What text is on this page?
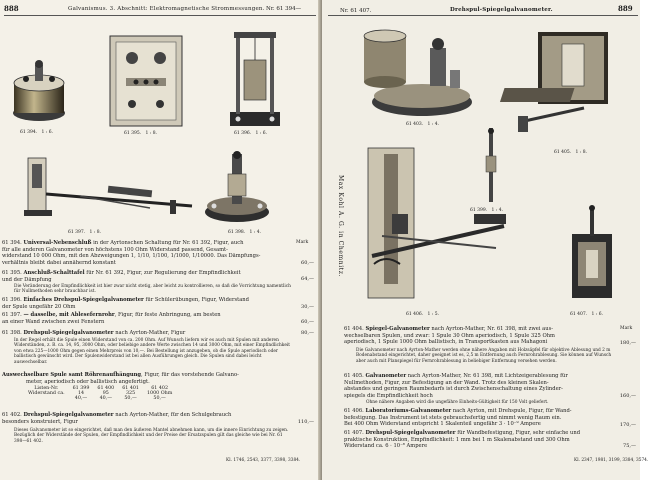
888	Galvanismus. 3. Abschnitt: Elektromagnetische Strommessungen. Nr. 61 394—
61 394. 1 : 6.	61 395. 1 : 8.	61 396. 1 : 6.
61 397. 1 : 8.	61 398. 1 : 4.
Mark
61 394. Universal-Nebenschluß in der Ayrtonschen Schaltung für Nr. 61 392, Figur, auch
für alle anderen Galvanometer von höchstens 100 Ohm Widerstand passend, Gesamt-
widerstand 10 000 Ohm, mit den Abzweigungen 1, 1/10, 1/100, 1/1000, 1/10000. Das Dämpfungs-
verhältnis bleibt dabei annähernd konstant	60,—
61 395. Anschluß-Schalttafel für Nr. 61 392, Figur, zur Regulierung der Empfindlichkeit
und der Dämpfung	64,—
Die Veränderung der Empfindlichkeit ist hier zwar nicht stetig, aber leicht zu kontrollieren, so daß die Vorrichtung namentlich für Nullmethoden sehr brauchbar ist.
61 396. Einfaches Drehspul-Spiegelgalvanometer für Schülerübungen, Figur, Widerstand
der Spule ungefähr 20 Ohm	30,—
61 397. — dasselbe, mit Ablesefernrohr, Figur, für feste Anbringung, am besten
an einer Wand zwischen zwei Fenstern	60,—
61 398. Drehspul-Spiegelgalvanometer nach Ayrton-Mather, Figur	80,—
In der Regel erhält die Spule einen Widerstand von ca. 200 Ohm. Auf Wunsch liefern wir es auch mit Spulen mit anderen Widerständen, z. B. ca. 14, 95, 3000 Ohm, oder beliebige andere Werte zwischen 14 und 3000 Ohm, mit einer Empfindlichkeit von etwa 225—1000 Ohm gegen einen Mehrpreis von 10,—. Bei Bestellung ist anzugeben, ob die Spule aperiodisch oder ballistisch gewünscht wird. Der Spulenwiderstand ist bei allen Ausführungen gleich. Die Spulen sind dabei leicht auswechselbar.
Auswechselbare Spule samt Röhrenaufhängung, Figur, für das vorstehende Galvano-
meter, aperiodisch oder ballistisch angefertigt.
Listen-Nr.	61 399	61 400	61 401	61 402
Widerstand ca.	14	95	325	1000 Ohm
	40,—	40,—	50,—	50,—
61 402. Drehspul-Spiegelgalvanometer nach Ayrton-Mather, für den Schulgebrauch
besonders konstruiert, Figur	110,—
Dieses Galvanometer ist so eingerichtet, daß man den äußeren Mantel abnehmen kann, um die innere Einrichtung zu zeigen. Bezüglich der Widerstände der Spulen, der Empfindlichkeit und der Preise der Ersatzspulen gilt das gleiche wie bei Nr. 61 398—61 402.
Kl. 1746, 2543, 3377, 3398, 3384.
Nr. 61 407.	Drehspul-Spiegelgalvanometer.	889
Max Kohl A. G. in Chemnitz.
61 403. 1 : 4.
61 405. 1 : 8.
61 399. 1 : 4.
61 406. 1 : 5.	61 407. 1 : 6.
Mark
61 404. Spiegel-Galvanometer nach Ayrton-Mather, Nr. 61 398, mit zwei aus-
wechselbaren Spulen, und zwar: 1 Spule 30 Ohm aperiodisch, 1 Spule 325 Ohm
aperiodisch, 1 Spule 1000 Ohm ballistisch, in Transportkasten aus Mahagoni	180,—
Die Galvanometer nach Ayrton-Mather werden ohne nähere Angaben mit Holzsäpfel für objektive Ablesung und 2 m Bodenabstand eingerichtet, daher geeignet ist es, 2,5 m Entfernung auch Fernrohrablesung. Sie können auf Wunsch aber auch mit Planspiegel für Fernrohrablesung in beliebiger Entfernung versehen werden.
61 405. Galvanometer nach Ayrton-Mather, Nr. 61 398, mit Lichtzeigerablesung für
Nullmethoden, Figur, zur Befestigung an der Wand. Trotz des kleinen Skalen-
abstandes und geringen Raumbedarfs ist durch Zwischenschaltung eines Zylinder-
spiegels die Empfindlichkeit hoch	160,—
Ohne nähere Angaben wird die ungefähre Einheits-Gültigkeit für 150 Volt geliefert.
61 406. Laboratoriums-Galvanometer nach Ayrton, mit Drehspule, Figur, für Wand-
befestigung. Das Instrument ist stets gebrauchsfertig und nimmt wenig Raum ein.
Bei 400 Ohm Widerstand entspricht 1 Skalenteil ungefähr 3 · 10⁻⁹ Ampere	170,—
61 407. Drehspul-Spiegelgalvanometer für Wandbefestigung, Figur, sehr einfache und
praktische Konstruktion, Empfindlichkeit: 1 mm bei 1 m Skalenabstand und 300 Ohm
Widerstand ca. 6 · 10⁻⁸ Ampere	75,—
Kl. 2347, 1981, 3199, 3384, 3574.
